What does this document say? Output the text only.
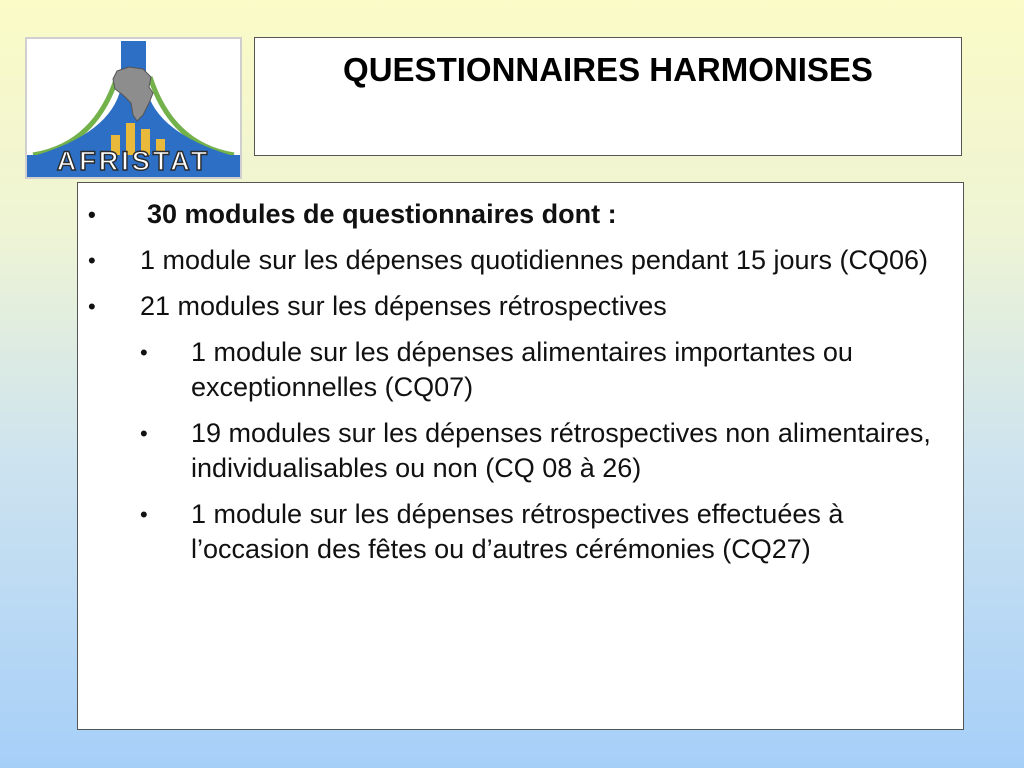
AFRISTAT
QUESTIONNAIRES HARMONISES
• 30 modules de questionnaires dont :
• 1 module sur les dépenses quotidiennes pendant 15 jours (CQ06)
• 21 modules sur les dépenses rétrospectives
• 1 module sur les dépenses alimentaires importantes ou exceptionnelles (CQ07)
• 19 modules sur les dépenses rétrospectives non alimentaires, individualisables ou non (CQ 08 à 26)
• 1 module sur les dépenses rétrospectives effectuées à l’occasion des fêtes ou d’autres cérémonies (CQ27)
